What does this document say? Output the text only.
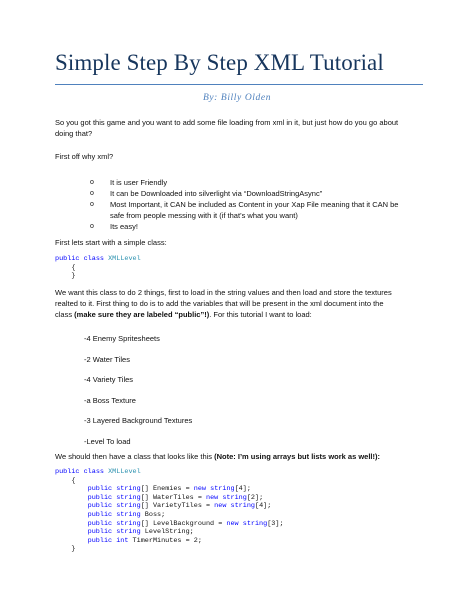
Simple Step By Step XML Tutorial
By: Billy Olden
So you got this game and you want to add some file loading from xml in it, but just how do you go about
doing that?
First off why xml?
o It is user Friendly
o It can be Downloaded into silverlight via “DownloadStringAsync”
o Most Important, it CAN be included as Content in your Xap File meaning that it CAN be safe from people messing with it (if that’s what you want)
o Its easy!
First lets start with a simple class:
public class XMLLevel
{
}
We want this class to do 2 things, first to load in the string values and then load and store the textures
realted to it. First thing to do is to add the variables that will be present in the xml document into the
class (make sure they are labeled “public”!). For this tutorial I want to load:
-4 Enemy Spritesheets
-2 Water Tiles
-4 Variety Tiles
-a Boss Texture
-3 Layered Background Textures
-Level To load
We should then have a class that looks like this (Note: I’m using arrays but lists work as well!):
public class XMLLevel
{
public string[] Enemies = new string[4];
public string[] WaterTiles = new string[2];
public string[] VarietyTiles = new string[4];
public string Boss;
public string[] LevelBackground = new string[3];
public string LevelString;
public int TimerMinutes = 2;
}
